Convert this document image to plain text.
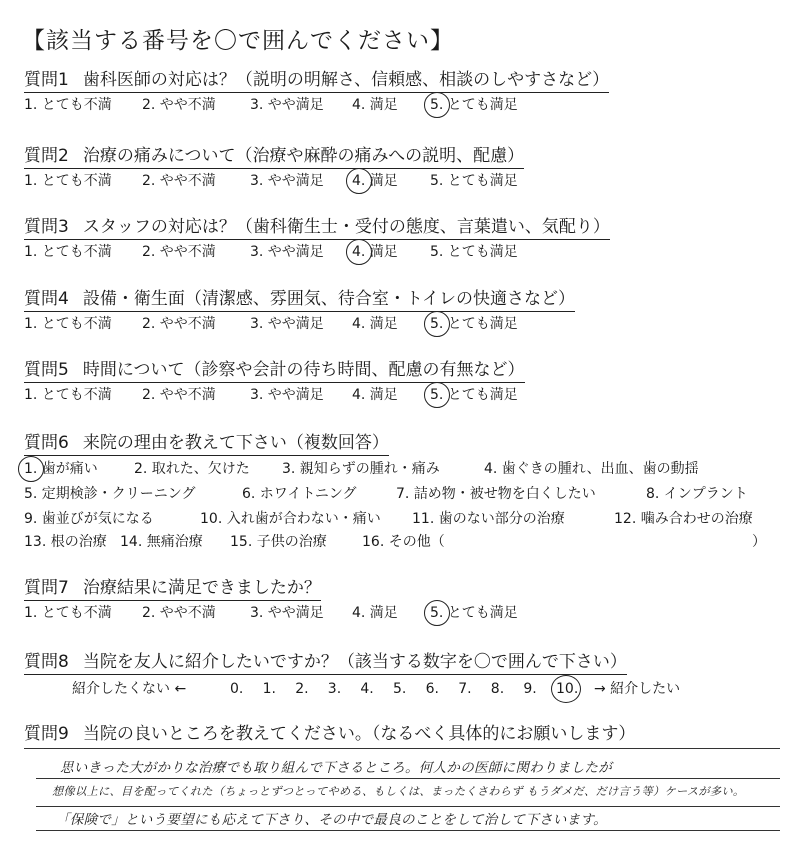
【該当する番号を〇で囲んでください】
質問1 歯科医師の対応は？（説明の明解さ、信頼感、相談のしやすさなど）
1. とても不満 2. やや不満 3. やや満足 4. 満足 5. とても満足
質問2 治療の痛みについて（治療や麻酔の痛みへの説明、配慮）
1. とても不満 2. やや不満 3. やや満足 4. 満足 5. とても満足
質問3 スタッフの対応は？（歯科衛生士・受付の態度、言葉遣い、気配り）
1. とても不満 2. やや不満 3. やや満足 4. 満足 5. とても満足
質問4 設備・衛生面（清潔感、雰囲気、待合室・トイレの快適さなど）
1. とても不満 2. やや不満 3. やや満足 4. 満足 5. とても満足
質問5 時間について（診察や会計の待ち時間、配慮の有無など）
1. とても不満 2. やや不満 3. やや満足 4. 満足 5. とても満足
質問6 来院の理由を教えて下さい（複数回答）
1. 歯が痛い	2. 取れた、欠けた 3. 親知らずの腫れ・痛み	4. 歯ぐきの腫れ、出血、歯の動揺
5. 定期検診・クリーニング	6. ホワイトニング	7. 詰め物・被せ物を白くしたい	8. インプラント
9. 歯並びが気になる	10. 入れ歯が合わない・痛い 11. 歯のない部分の治療	12. 噛み合わせの治療
13. 根の治療 14. 無痛治療 15. 子供の治療	16. その他（	）
質問7 治療結果に満足できましたか？
1. とても不満 2. やや不満 3. やや満足 4. 満足 5. とても満足
質問8 当院を友人に紹介したいですか？（該当する数字を〇で囲んで下さい）
紹介したくない ←	0. 1. 2. 3. 4. 5. 6. 7. 8. 9. 10. → 紹介したい
質問9 当院の良いところを教えてください。（なるべく具体的にお願いします）
思いきった大がかりな治療でも取り組んで下さるところ。何人かの医師に関わりましたが
想像以上に、目を配ってくれた（ちょっとずつとってやめる、もしくは、まったくさわらず もうダメだ、だけ言う等）ケースが多い。
「保険で」という要望にも応えて下さり、その中で最良のことをして治して下さいます。
